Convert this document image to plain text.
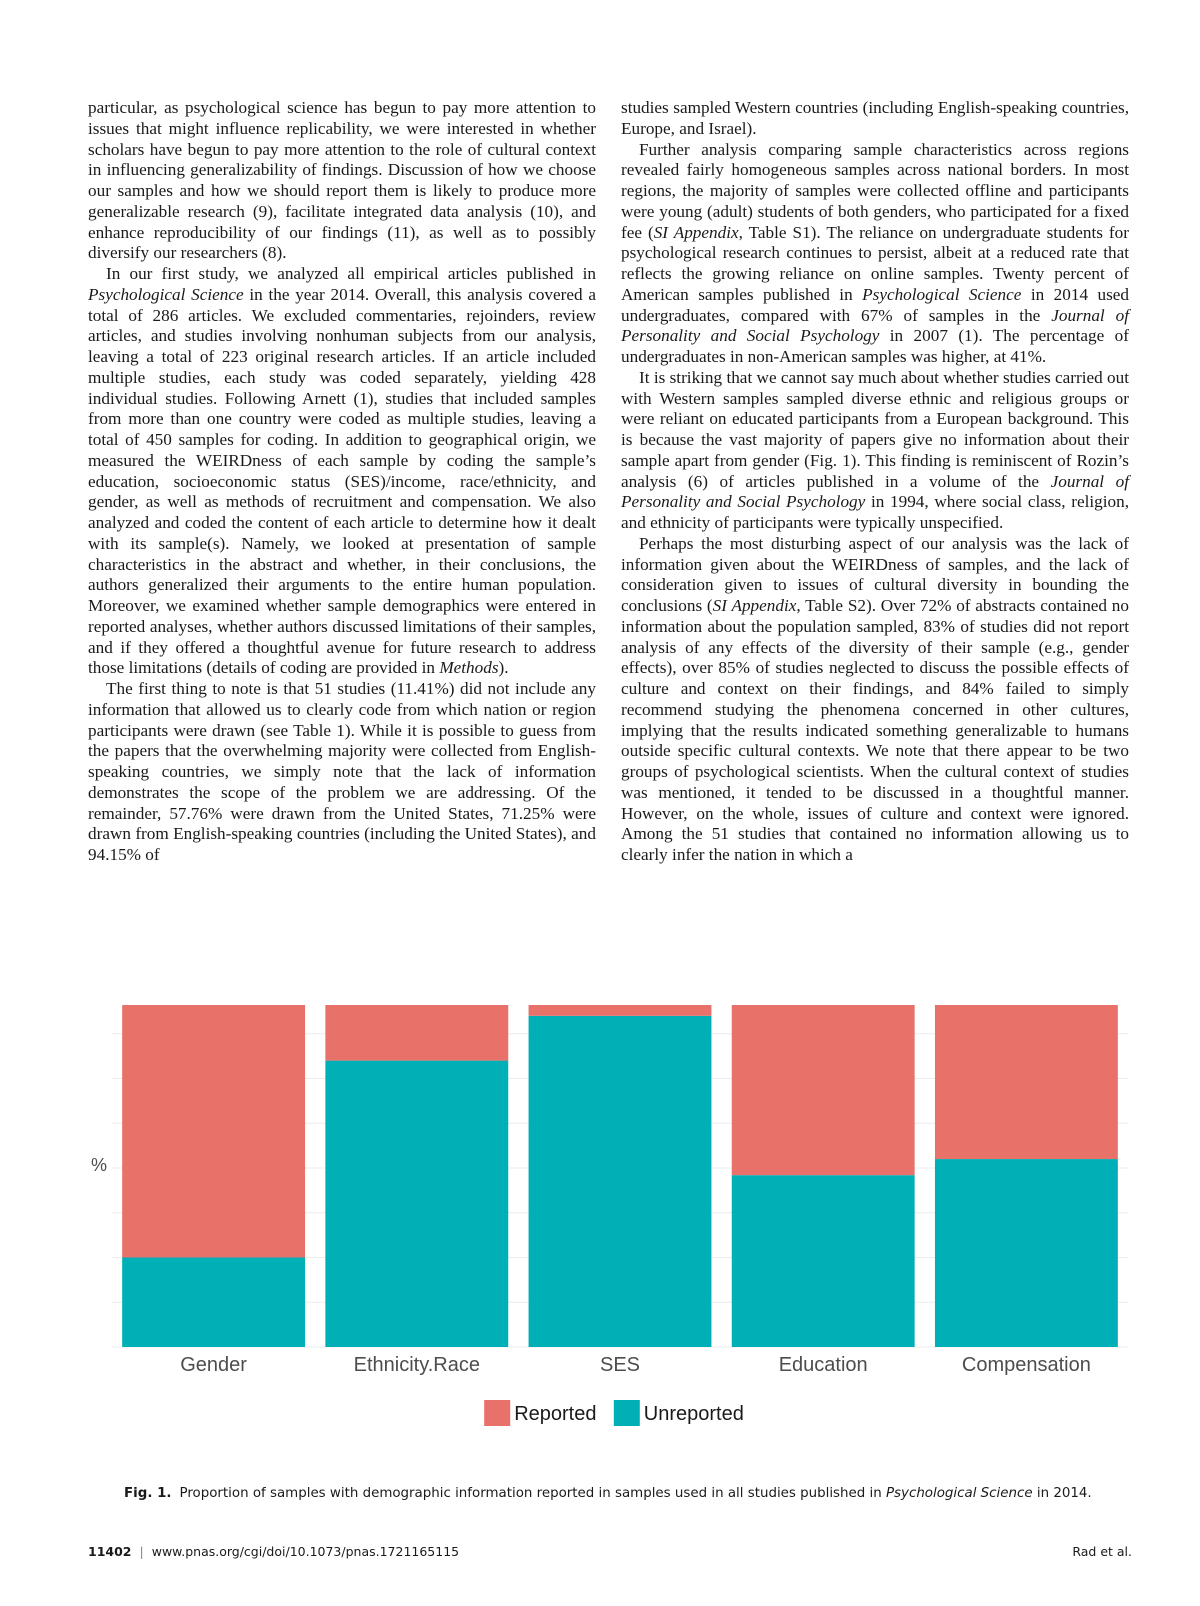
particular, as psychological science has begun to pay more attention to issues that might influence replicability, we were interested in whether scholars have begun to pay more attention to the role of cultural context in influencing generalizability of findings. Discussion of how we choose our samples and how we should report them is likely to produce more generalizable research (9), facilitate integrated data analysis (10), and enhance reproducibility of our findings (11), as well as to possibly diversify our researchers (8).

In our first study, we analyzed all empirical articles published in Psychological Science in the year 2014. Overall, this analysis covered a total of 286 articles. We excluded commentaries, rejoinders, review articles, and studies involving nonhuman subjects from our analysis, leaving a total of 223 original research articles. If an article included multiple studies, each study was coded separately, yielding 428 individual studies. Following Arnett (1), studies that included samples from more than one country were coded as multiple studies, leaving a total of 450 samples for coding. In addition to geographical origin, we measured the WEIRDness of each sample by coding the sample’s education, socioeconomic status (SES)/income, race/ethnicity, and gender, as well as methods of recruitment and compensation. We also analyzed and coded the content of each article to determine how it dealt with its sample(s). Namely, we looked at presentation of sample characteristics in the abstract and whether, in their conclusions, the authors generalized their arguments to the entire human population. Moreover, we examined whether sample demographics were entered in reported analyses, whether authors discussed limitations of their samples, and if they offered a thoughtful avenue for future research to address those limitations (details of coding are provided in Methods).

The first thing to note is that 51 studies (11.41%) did not include any information that allowed us to clearly code from which nation or region participants were drawn (see Table 1). While it is possible to guess from the papers that the overwhelming majority were collected from English-speaking countries, we simply note that the lack of information demonstrates the scope of the problem we are addressing. Of the remainder, 57.76% were drawn from the United States, 71.25% were drawn from English-speaking countries (including the United States), and 94.15% of

studies sampled Western countries (including English-speaking countries, Europe, and Israel).

Further analysis comparing sample characteristics across regions revealed fairly homogeneous samples across national borders. In most regions, the majority of samples were collected offline and participants were young (adult) students of both genders, who participated for a fixed fee (SI Appendix, Table S1). The reliance on undergraduate students for psychological research continues to persist, albeit at a reduced rate that reflects the growing reliance on online samples. Twenty percent of American samples published in Psychological Science in 2014 used undergraduates, compared with 67% of samples in the Journal of Personality and Social Psychology in 2007 (1). The percentage of undergraduates in non-American samples was higher, at 41%.

It is striking that we cannot say much about whether studies carried out with Western samples sampled diverse ethnic and religious groups or were reliant on educated participants from a European background. This is because the vast majority of papers give no information about their sample apart from gender (Fig. 1). This finding is reminiscent of Rozin’s analysis (6) of articles published in a volume of the Journal of Personality and Social Psychology in 1994, where social class, religion, and ethnicity of participants were typically unspecified.

Perhaps the most disturbing aspect of our analysis was the lack of information given about the WEIRDness of samples, and the lack of consideration given to issues of cultural diversity in bounding the conclusions (SI Appendix, Table S2). Over 72% of abstracts contained no information about the population sampled, 83% of studies did not report analysis of any effects of the diversity of their sample (e.g., gender effects), over 85% of studies neglected to discuss the possible effects of culture and context on their findings, and 84% failed to simply recommend studying the phenomena concerned in other cultures, implying that the results indicated something generalizable to humans outside specific cultural contexts. We note that there appear to be two groups of psychological scientists. When the cultural context of studies was mentioned, it tended to be discussed in a thoughtful manner. However, on the whole, issues of culture and context were ignored. Among the 51 studies that contained no information allowing us to clearly infer the nation in which a

%
Gender	Ethnicity.Race	SES	Education	Compensation
Reported Unreported
Fig. 1. Proportion of samples with demographic information reported in samples used in all studies published in Psychological Science in 2014.
11402 | www.pnas.org/cgi/doi/10.1073/pnas.1721165115	Rad et al.
